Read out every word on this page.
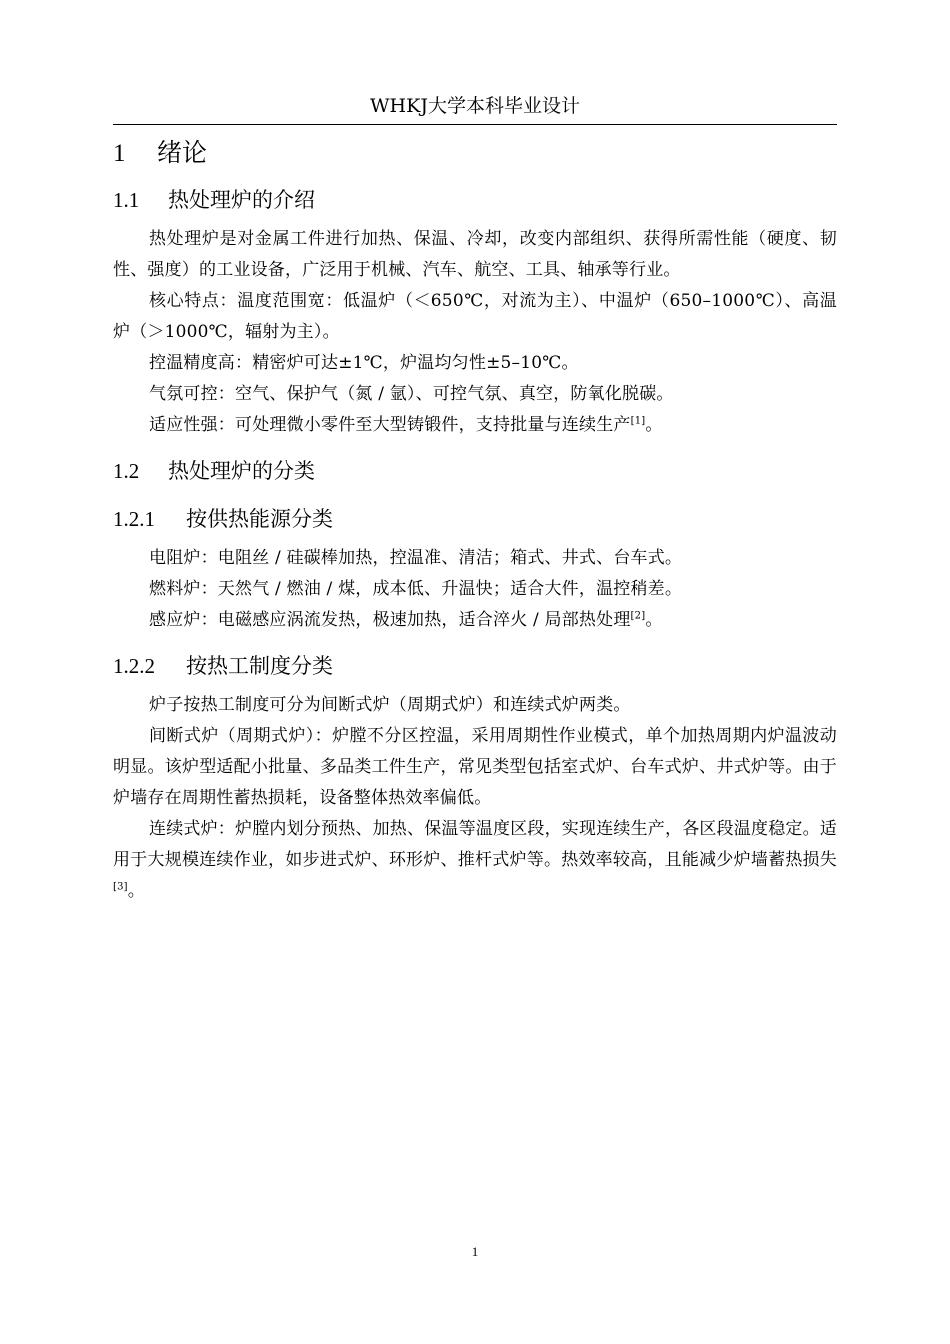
WHKJ大学本科毕业设计
1 绪论
1.1 热处理炉的介绍

热处理炉是对金属工件进行加热、保温、冷却，改变内部组织、获得所需性能（硬度、韧性、强度）的工业设备，广泛用于机械、汽车、航空、工具、轴承等行业。

核心特点：温度范围宽：低温炉（＜650℃，对流为主）、中温炉（650–1000℃）、高温炉（＞1000℃，辐射为主）。

控温精度高：精密炉可达±1℃，炉温均匀性±5–10℃。

气氛可控：空气、保护气（氮 / 氩）、可控气氛、真空，防氧化脱碳。

适应性强：可处理微小零件至大型铸锻件，支持批量与连续生产[1]。

1.2 热处理炉的分类
1.2.1 按供热能源分类

电阻炉：电阻丝 / 硅碳棒加热，控温准、清洁；箱式、井式、台车式。

燃料炉：天然气 / 燃油 / 煤，成本低、升温快；适合大件，温控稍差。

感应炉：电磁感应涡流发热，极速加热，适合淬火 / 局部热处理[2]。

1.2.2 按热工制度分类

炉子按热工制度可分为间断式炉（周期式炉）和连续式炉两类。

间断式炉（周期式炉）：炉膛不分区控温，采用周期性作业模式，单个加热周期内炉温波动明显。该炉型适配小批量、多品类工件生产，常见类型包括室式炉、台车式炉、井式炉等。由于炉墙存在周期性蓄热损耗，设备整体热效率偏低。

连续式炉：炉膛内划分预热、加热、保温等温度区段，实现连续生产，各区段温度稳定。适用于大规模连续作业，如步进式炉、环形炉、推杆式炉等。热效率较高，且能减少炉墙蓄热损失[3]。

1
